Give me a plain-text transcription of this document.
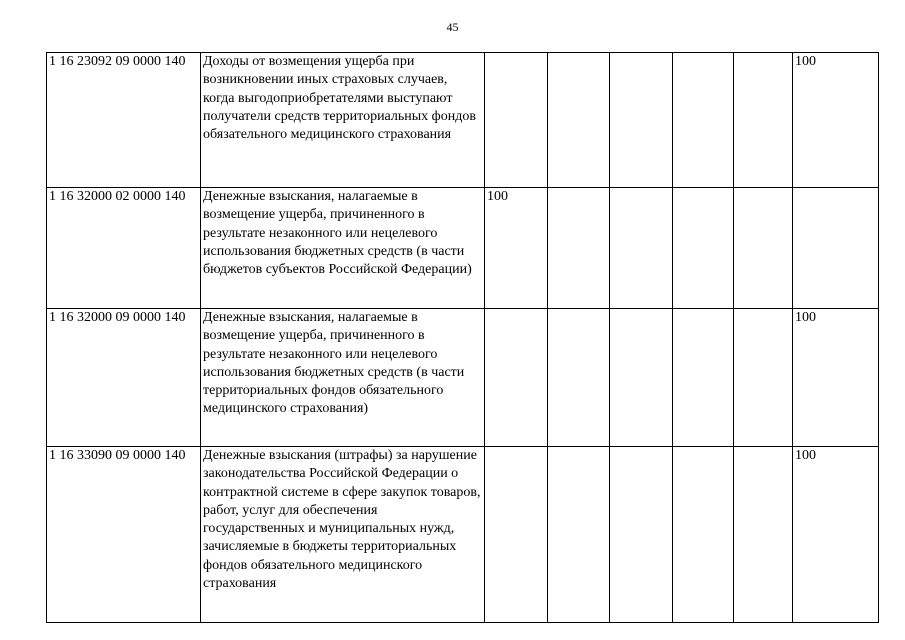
45
1 16 23092 09 0000 140	Доходы от возмещения ущерба при возникновении иных страховых случаев, когда выгодоприобретателями выступают получатели средств территориальных фондов обязательного медицинского страхования						100
1 16 32000 02 0000 140	Денежные взыскания, налагаемые в возмещение ущерба, причиненного в результате незаконного или нецелевого использования бюджетных средств (в части бюджетов субъектов Российской Федерации)	100					
1 16 32000 09 0000 140	Денежные взыскания, налагаемые в возмещение ущерба, причиненного в результате незаконного или нецелевого использования бюджетных средств (в части территориальных фондов обязательного медицинского страхования)						100
1 16 33090 09 0000 140	Денежные взыскания (штрафы) за нарушение законодательства Российской Федерации о контрактной системе в сфере закупок товаров, работ, услуг для обеспечения государственных и муниципальных нужд, зачисляемые в бюджеты территориальных фондов обязательного медицинского страхования						100
